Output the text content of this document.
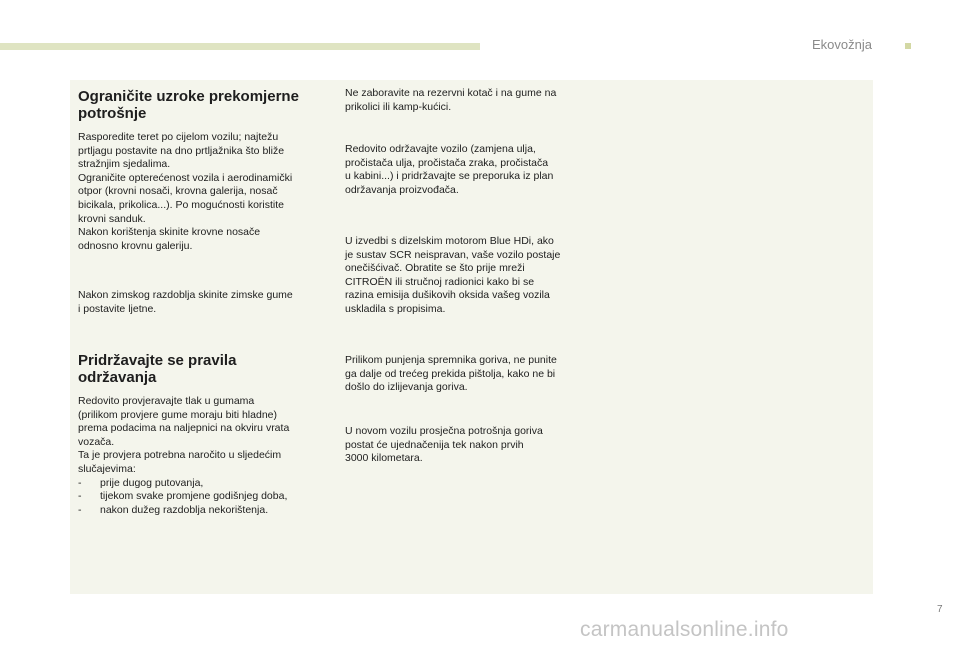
Ekovožnja
Ograničite uzroke prekomjerne
potrošnje

Rasporedite teret po cijelom vozilu; najtežu
prtljagu postavite na dno prtljažnika što bliže
stražnjim sjedalima.
Ograničite opterećenost vozila i aerodinamički
otpor (krovni nosači, krovna galerija, nosač
bicikala, prikolica...). Po mogućnosti koristite
krovni sanduk.
Nakon korištenja skinite krovne nosače
odnosno krovnu galeriju.

Nakon zimskog razdoblja skinite zimske gume
i postavite ljetne.

Pridržavajte se pravila
održavanja

Redovito provjeravajte tlak u gumama
(prilikom provjere gume moraju biti hladne)
prema podacima na naljepnici na okviru vrata
vozača.
Ta je provjera potrebna naročito u sljedećim
slučajevima:
- prije dugog putovanja,
- tijekom svake promjene godišnjeg doba,
- nakon dužeg razdoblja nekorištenja.

Ne zaboravite na rezervni kotač i na gume na
prikolici ili kamp-kućici.

Redovito održavajte vozilo (zamjena ulja,
pročistača ulja, pročistača zraka, pročistača
u kabini...) i pridržavajte se preporuka iz plan
održavanja proizvođača.

U izvedbi s dizelskim motorom Blue HDi, ako
je sustav SCR neispravan, vaše vozilo postaje
onečišćivač. Obratite se što prije mreži
CITROËN ili stručnoj radionici kako bi se
razina emisija dušikovih oksida vašeg vozila
uskladila s propisima.

Prilikom punjenja spremnika goriva, ne punite
ga dalje od trećeg prekida pištolja, kako ne bi
došlo do izlijevanja goriva.

U novom vozilu prosječna potrošnja goriva
postat će ujednačenija tek nakon prvih
3000 kilometara.

7
carmanualsonline.info
